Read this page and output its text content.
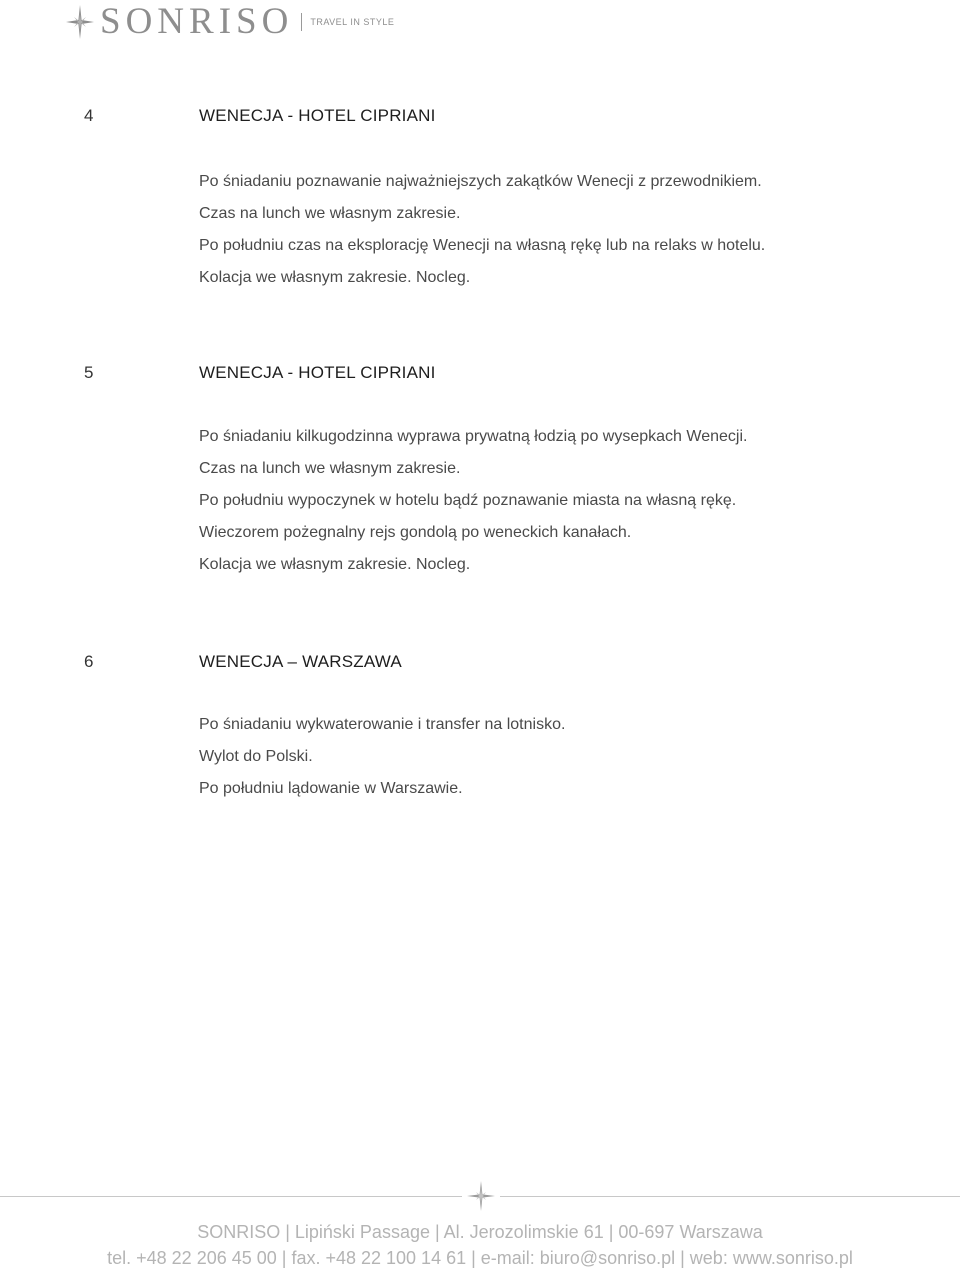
SONRISO TRAVEL IN STYLE
4	WENECJA - HOTEL CIPRIANI
Po śniadaniu poznawanie najważniejszych zakątków Wenecji z przewodnikiem.
Czas na lunch we własnym zakresie.
Po południu czas na eksplorację Wenecji na własną rękę lub na relaks w hotelu.
Kolacja we własnym zakresie. Nocleg.
5	WENECJA - HOTEL CIPRIANI
Po śniadaniu kilkugodzinna wyprawa prywatną łodzią po wysepkach Wenecji.
Czas na lunch we własnym zakresie.
Po południu wypoczynek w hotelu bądź poznawanie miasta na własną rękę.
Wieczorem pożegnalny rejs gondolą po weneckich kanałach.
Kolacja we własnym zakresie. Nocleg.
6	WENECJA – WARSZAWA
Po śniadaniu wykwaterowanie i transfer na lotnisko.
Wylot do Polski.
Po południu lądowanie w Warszawie.
SONRISO | Lipiński Passage | Al. Jerozolimskie 61 | 00-697 Warszawa
tel. +48 22 206 45 00 | fax. +48 22 100 14 61 | e-mail: biuro@sonriso.pl | web: www.sonriso.pl
